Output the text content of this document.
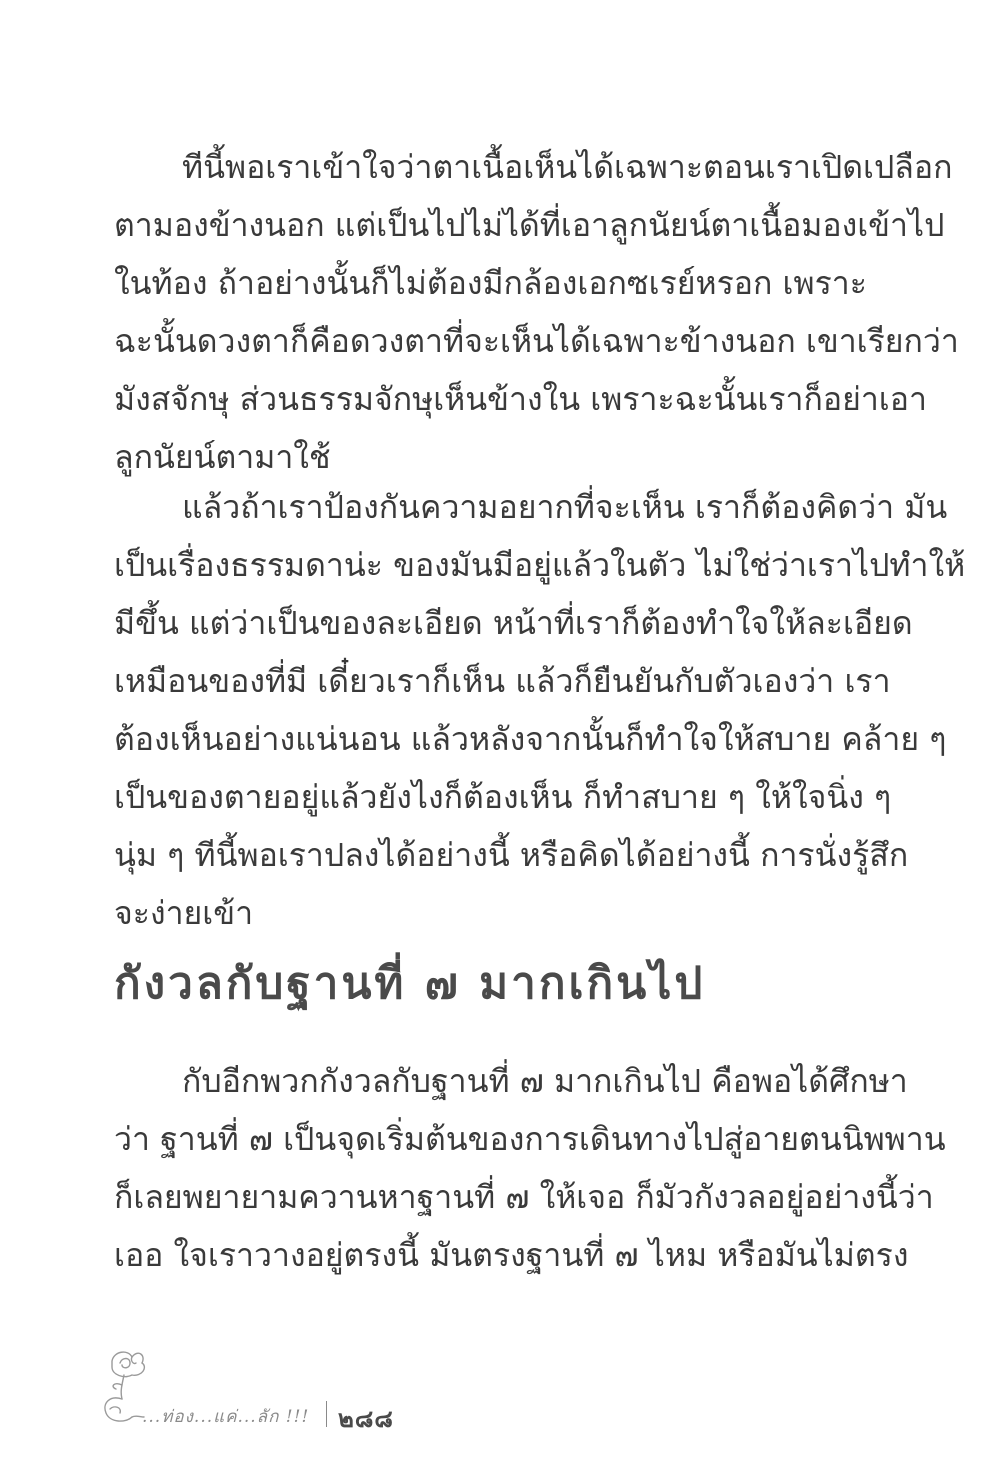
ทีนี้พอเราเข้าใจว่าตาเนื้อเห็นได้เฉพาะตอนเราเปิดเปลือก
ตามองข้างนอก แต่เป็นไปไม่ได้ที่เอาลูกนัยน์ตาเนื้อมองเข้าไป
ในท้อง ถ้าอย่างนั้นก็ไม่ต้องมีกล้องเอกซเรย์หรอก เพราะ
ฉะนั้นดวงตาก็คือดวงตาที่จะเห็นได้เฉพาะข้างนอก เขาเรียกว่า
มังสจักษุ ส่วนธรรมจักษุเห็นข้างใน เพราะฉะนั้นเราก็อย่าเอา
ลูกนัยน์ตามาใช้
แล้วถ้าเราป้องกันความอยากที่จะเห็น เราก็ต้องคิดว่า มัน
เป็นเรื่องธรรมดาน่ะ ของมันมีอยู่แล้วในตัว ไม่ใช่ว่าเราไปทำให้
มีขึ้น แต่ว่าเป็นของละเอียด หน้าที่เราก็ต้องทำใจให้ละเอียด
เหมือนของที่มี เดี๋ยวเราก็เห็น แล้วก็ยืนยันกับตัวเองว่า เรา
ต้องเห็นอย่างแน่นอน แล้วหลังจากนั้นก็ทำใจให้สบาย คล้าย ๆ
เป็นของตายอยู่แล้วยังไงก็ต้องเห็น ก็ทำสบาย ๆ ให้ใจนิ่ง ๆ
นุ่ม ๆ ทีนี้พอเราปลงได้อย่างนี้ หรือคิดได้อย่างนี้ การนั่งรู้สึก
จะง่ายเข้า
กังวลกับฐานที่ ๗ มากเกินไป
กับอีกพวกกังวลกับฐานที่ ๗ มากเกินไป คือพอได้ศึกษา
ว่า ฐานที่ ๗ เป็นจุดเริ่มต้นของการเดินทางไปสู่อายตนนิพพาน
ก็เลยพยายามควานหาฐานที่ ๗ ให้เจอ ก็มัวกังวลอยู่อย่างนี้ว่า
เออ ใจเราวางอยู่ตรงนี้ มันตรงฐานที่ ๗ ไหม หรือมันไม่ตรง
...ท่อง...แค่...ลัก !!! ๒๘๘
